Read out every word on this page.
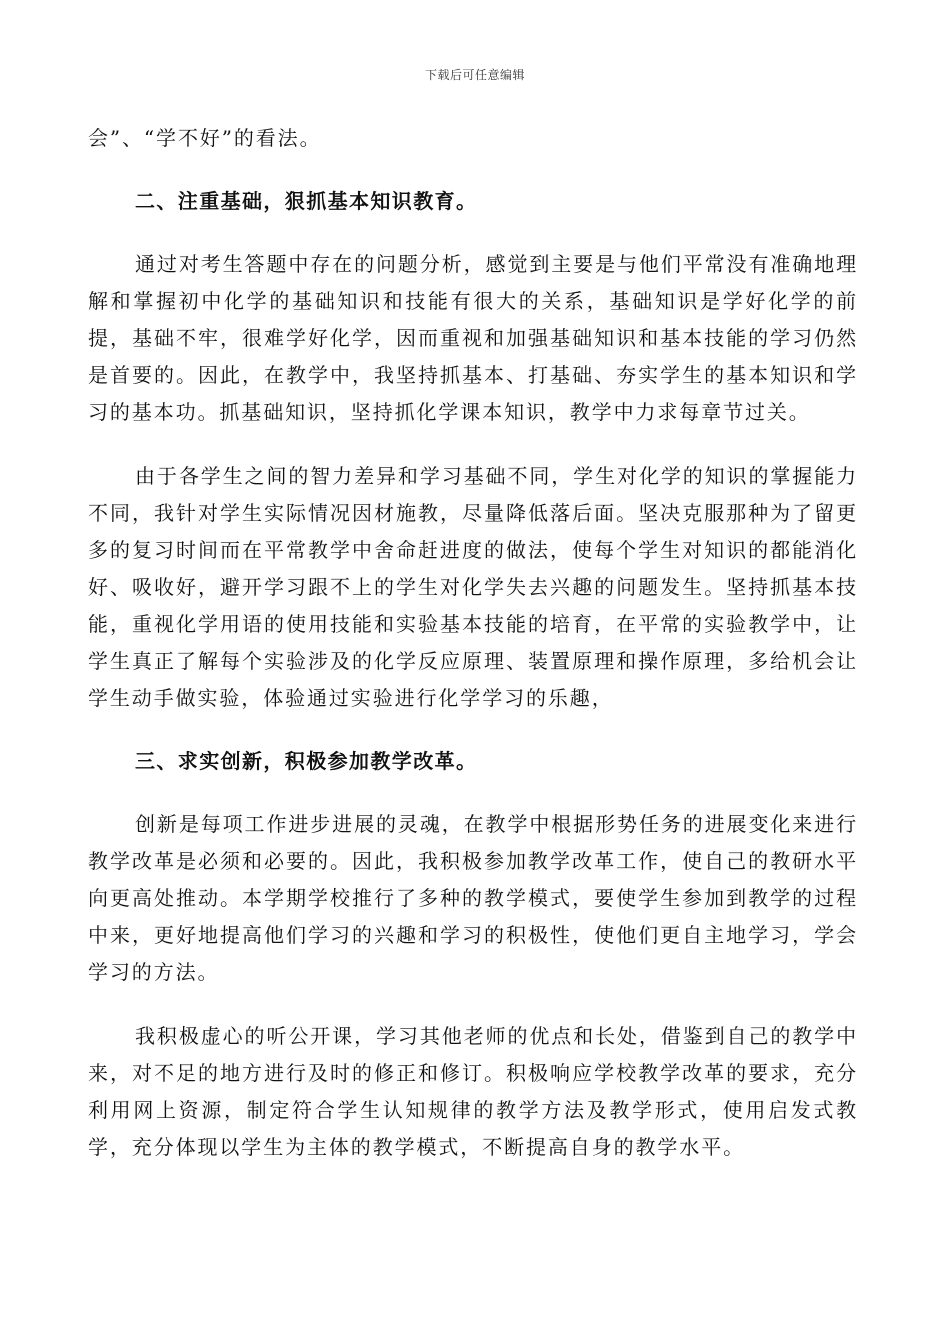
下载后可任意编辑

会”、“学不好”的看法。

二、注重基础，狠抓基本知识教育。

通过对考生答题中存在的问题分析，感觉到主要是与他们平常没有准确地理解和掌握初中化学的基础知识和技能有很大的关系，基础知识是学好化学的前提，基础不牢，很难学好化学，因而重视和加强基础知识和基本技能的学习仍然是首要的。因此，在教学中，我坚持抓基本、打基础、夯实学生的基本知识和学习的基本功。抓基础知识，坚持抓化学课本知识，教学中力求每章节过关。

由于各学生之间的智力差异和学习基础不同，学生对化学的知识的掌握能力不同，我针对学生实际情况因材施教，尽量降低落后面。坚决克服那种为了留更多的复习时间而在平常教学中舍命赶进度的做法，使每个学生对知识的都能消化好、吸收好，避开学习跟不上的学生对化学失去兴趣的问题发生。坚持抓基本技能，重视化学用语的使用技能和实验基本技能的培育，在平常的实验教学中，让学生真正了解每个实验涉及的化学反应原理、装置原理和操作原理，多给机会让学生动手做实验，体验通过实验进行化学学习的乐趣，

三、求实创新，积极参加教学改革。

创新是每项工作进步进展的灵魂，在教学中根据形势任务的进展变化来进行教学改革是必须和必要的。因此，我积极参加教学改革工作，使自己的教研水平向更高处推动。本学期学校推行了多种的教学模式，要使学生参加到教学的过程中来，更好地提高他们学习的兴趣和学习的积极性，使他们更自主地学习，学会学习的方法。

我积极虚心的听公开课，学习其他老师的优点和长处，借鉴到自己的教学中来，对不足的地方进行及时的修正和修订。积极响应学校教学改革的要求，充分利用网上资源，制定符合学生认知规律的教学方法及教学形式，使用启发式教学，充分体现以学生为主体的教学模式，不断提高自身的教学水平。
